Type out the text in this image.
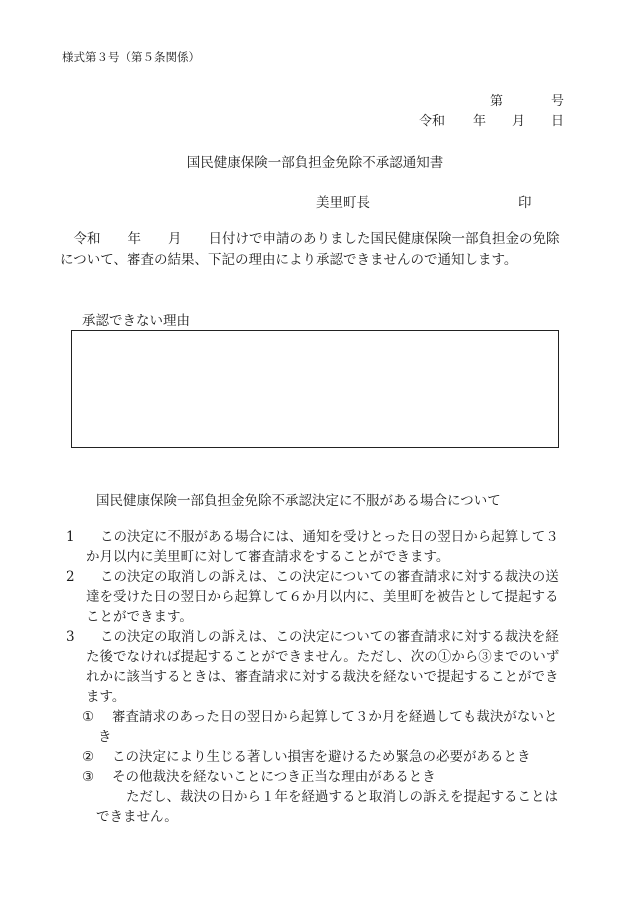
様式第３号（第５条関係）
第	号
令和 年 月 日
国民健康保険一部負担金免除不承認通知書
美里町長	印
　令和　　年　　月　　日付けで申請のありました国民健康保険一部負担金の免除について、審査の結果、下記の理由により承認できませんので通知します。
承認できない理由
国民健康保険一部負担金免除不承認決定に不服がある場合について
1	この決定に不服がある場合には、通知を受けとった日の翌日から起算して３か月以内に美里町に対して審査請求をすることができます。
2	この決定の取消しの訴えは、この決定についての審査請求に対する裁決の送達を受けた日の翌日から起算して６か月以内に、美里町を被告として提起することができます。
3	この決定の取消しの訴えは、この決定についての審査請求に対する裁決を経た後でなければ提起することができません。ただし、次の①から③までのいずれかに該当するときは、審査請求に対する裁決を経ないで提起することができます。
①	審査請求のあった日の翌日から起算して３か月を経過しても裁決がないとき
②	この決定により生じる著しい損害を避けるため緊急の必要があるとき
③	その他裁決を経ないことにつき正当な理由があるとき
ただし、裁決の日から１年を経過すると取消しの訴えを提起することはできません。
